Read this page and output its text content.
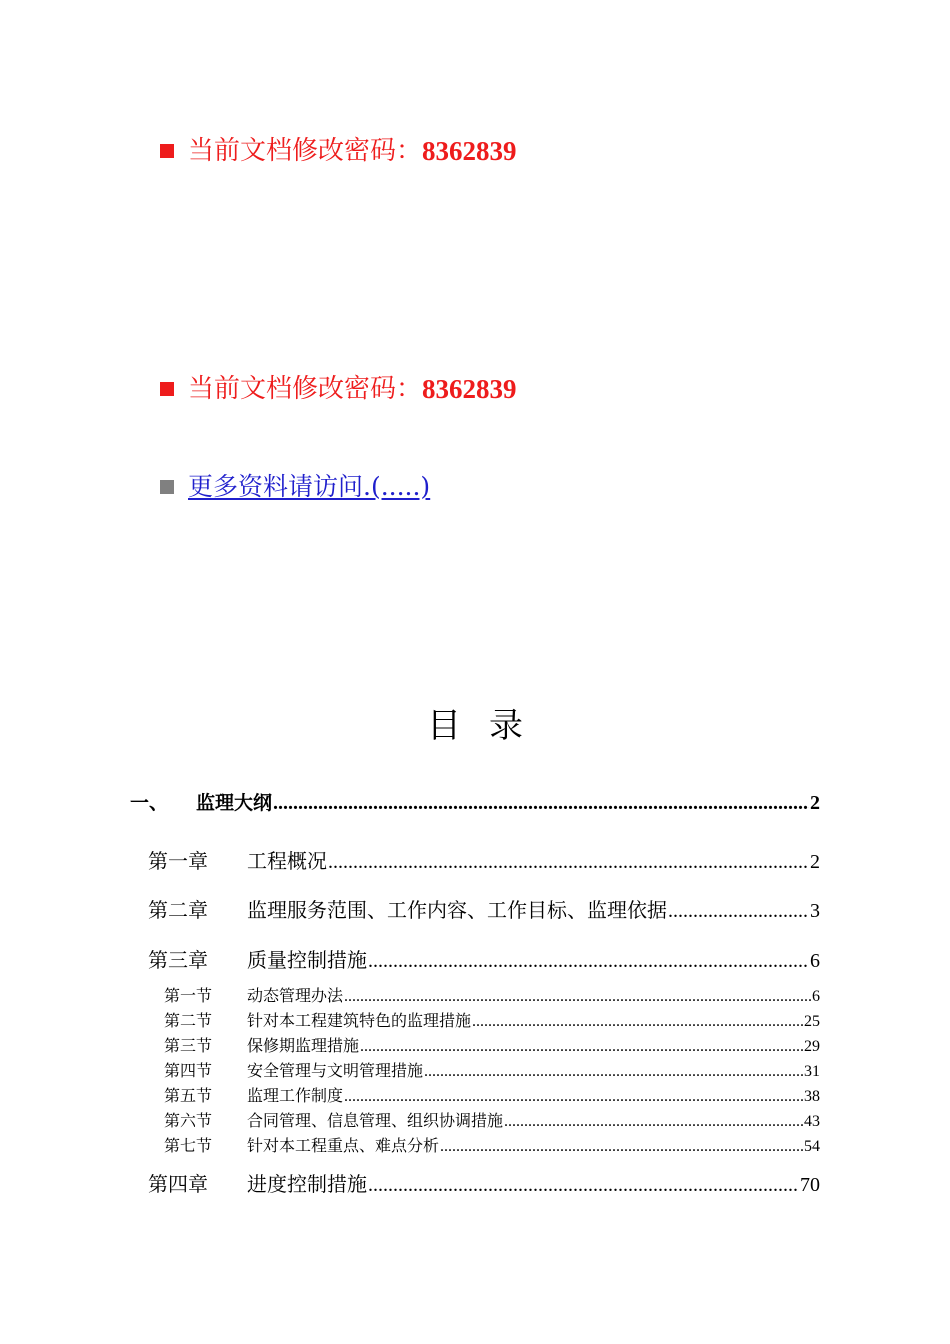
当前文档修改密码： 8362839
当前文档修改密码： 8362839
更多资料请访问.(.....)
目录
一、	监理大纲 .....	2
第一章	工程概况 .....	2
第二章	监理服务范围、工作内容、工作目标、监理依据 .....	3
第三章	质量控制措施 .....	6
第一节	动态管理办法 .....	6
第二节	针对本工程建筑特色的监理措施 .....	25
第三节	保修期监理措施 .....	29
第四节	安全管理与文明管理措施 .....	31
第五节	监理工作制度 .....	38
第六节	合同管理、信息管理、组织协调措施 .....	43
第七节	针对本工程重点、难点分析 .....	54
第四章	进度控制措施 .....	70
